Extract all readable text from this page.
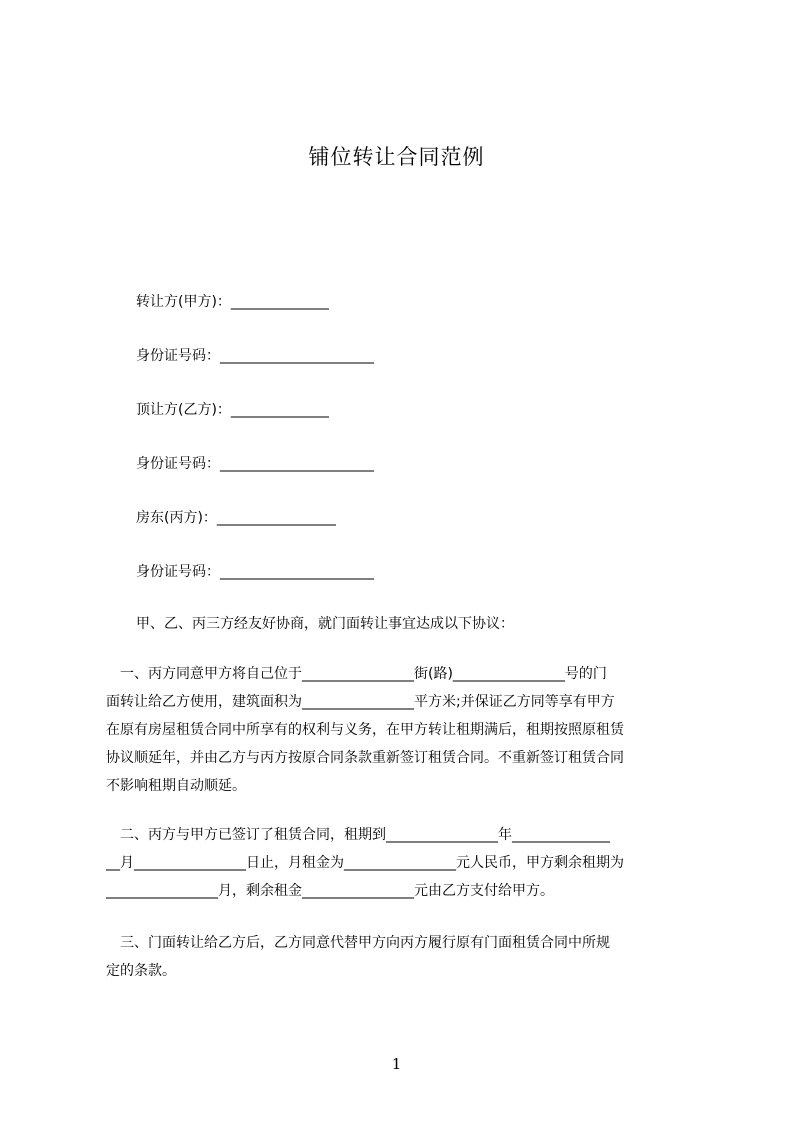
铺位转让合同范例
转让方(甲方)：______________
身份证号码：______________________
顶让方(乙方)：______________
身份证号码：______________________
房东(丙方)：_________________
身份证号码：______________________
甲、乙、丙三方经友好协商，就门面转让事宜达成以下协议：
　一、丙方同意甲方将自己位于________________街(路)________________号的门
面转让给乙方使用，建筑面积为________________平方米;并保证乙方同等享有甲方
在原有房屋租赁合同中所享有的权利与义务，在甲方转让租期满后，租期按照原租赁
协议顺延年，并由乙方与丙方按原合同条款重新签订租赁合同。不重新签订租赁合同
不影响租期自动顺延。
　二、丙方与甲方已签订了租赁合同，租期到________________年______________
__月________________日止，月租金为________________元人民币，甲方剩余租期为
________________月，剩余租金________________元由乙方支付给甲方。
　三、门面转让给乙方后，乙方同意代替甲方向丙方履行原有门面租赁合同中所规
定的条款。
1
